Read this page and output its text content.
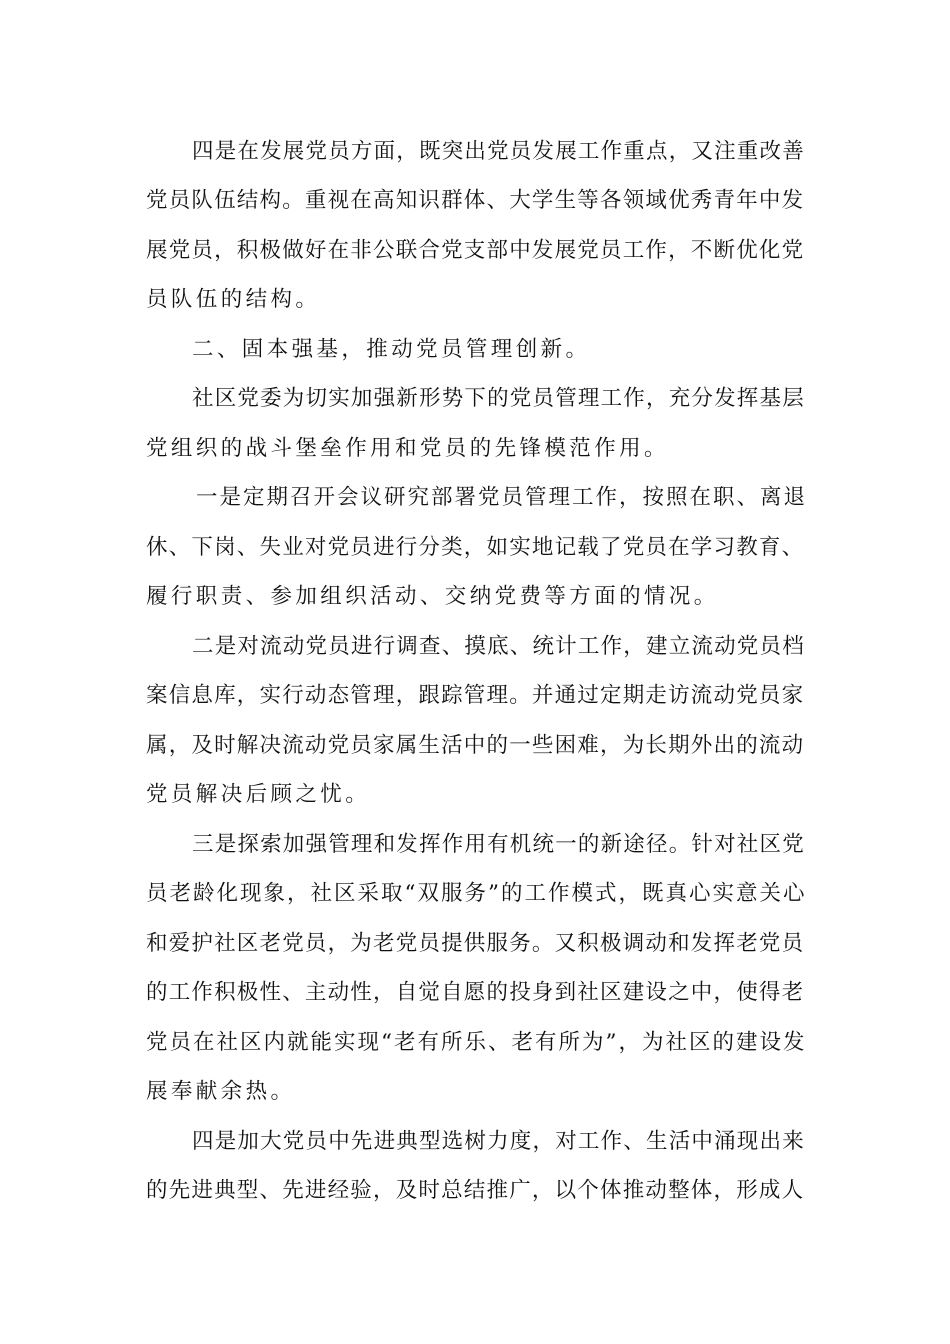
四是在发展党员方面，既突出党员发展工作重点，又注重改善

党员队伍结构。重视在高知识群体、大学生等各领域优秀青年中发

展党员，积极做好在非公联合党支部中发展党员工作，不断优化党

员队伍的结构。

二、固本强基，推动党员管理创新。

社区党委为切实加强新形势下的党员管理工作，充分发挥基层

党组织的战斗堡垒作用和党员的先锋模范作用。

一是定期召开会议研究部署党员管理工作，按照在职、离退

休、下岗、失业对党员进行分类，如实地记载了党员在学习教育、

履行职责、参加组织活动、交纳党费等方面的情况。

二是对流动党员进行调查、摸底、统计工作，建立流动党员档

案信息库，实行动态管理，跟踪管理。并通过定期走访流动党员家

属，及时解决流动党员家属生活中的一些困难，为长期外出的流动

党员解决后顾之忧。

三是探索加强管理和发挥作用有机统一的新途径。针对社区党

员老龄化现象，社区采取“双服务”的工作模式，既真心实意关心

和爱护社区老党员，为老党员提供服务。又积极调动和发挥老党员

的工作积极性、主动性，自觉自愿的投身到社区建设之中，使得老

党员在社区内就能实现“老有所乐、老有所为”，为社区的建设发

展奉献余热。

四是加大党员中先进典型选树力度，对工作、生活中涌现出来

的先进典型、先进经验，及时总结推广，以个体推动整体，形成人
